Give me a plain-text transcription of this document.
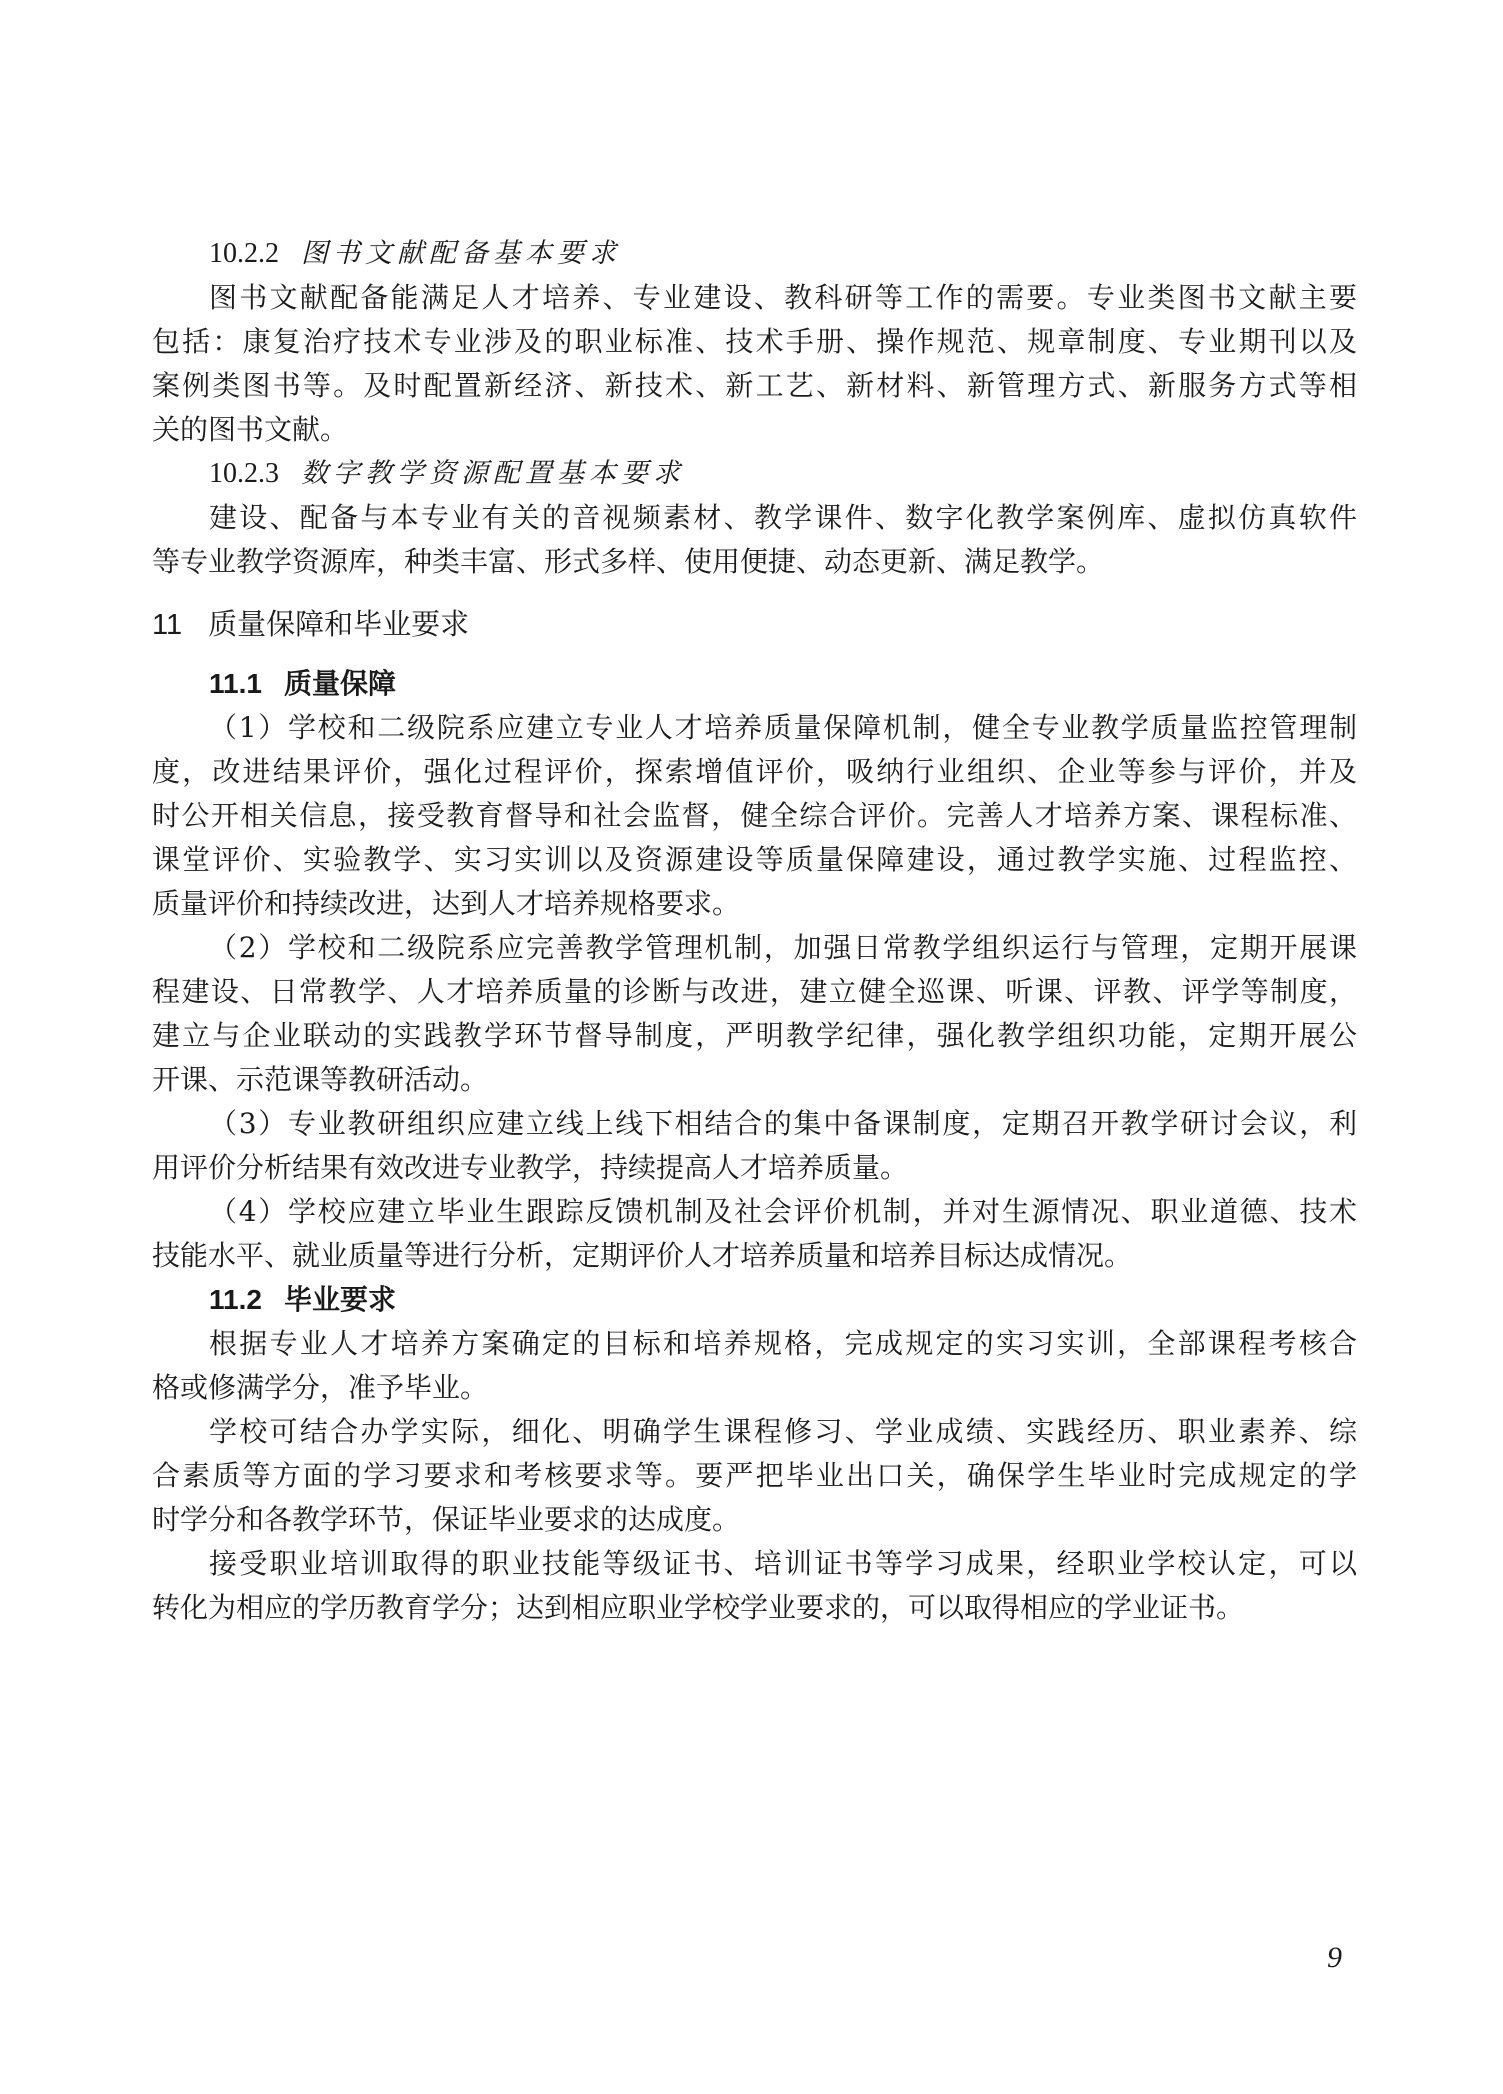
10.2.2 图书文献配备基本要求
图书文献配备能满足人才培养、专业建设、教科研等工作的需要。专业类图书文献主要
包括：康复治疗技术专业涉及的职业标准、技术手册、操作规范、规章制度、专业期刊以及
案例类图书等。及时配置新经济、新技术、新工艺、新材料、新管理方式、新服务方式等相
关的图书文献。
10.2.3 数字教学资源配置基本要求
建设、配备与本专业有关的音视频素材、教学课件、数字化教学案例库、虚拟仿真软件
等专业教学资源库，种类丰富、形式多样、使用便捷、动态更新、满足教学。
11 质量保障和毕业要求
11.1 质量保障
（1）学校和二级院系应建立专业人才培养质量保障机制，健全专业教学质量监控管理制
度，改进结果评价，强化过程评价，探索增值评价，吸纳行业组织、企业等参与评价，并及
时公开相关信息，接受教育督导和社会监督，健全综合评价。完善人才培养方案、课程标准、
课堂评价、实验教学、实习实训以及资源建设等质量保障建设，通过教学实施、过程监控、
质量评价和持续改进，达到人才培养规格要求。
（2）学校和二级院系应完善教学管理机制，加强日常教学组织运行与管理，定期开展课
程建设、日常教学、人才培养质量的诊断与改进，建立健全巡课、听课、评教、评学等制度，
建立与企业联动的实践教学环节督导制度，严明教学纪律，强化教学组织功能，定期开展公
开课、示范课等教研活动。
（3）专业教研组织应建立线上线下相结合的集中备课制度，定期召开教学研讨会议，利
用评价分析结果有效改进专业教学，持续提高人才培养质量。
（4）学校应建立毕业生跟踪反馈机制及社会评价机制，并对生源情况、职业道德、技术
技能水平、就业质量等进行分析，定期评价人才培养质量和培养目标达成情况。
11.2 毕业要求
根据专业人才培养方案确定的目标和培养规格，完成规定的实习实训，全部课程考核合
格或修满学分，准予毕业。
学校可结合办学实际，细化、明确学生课程修习、学业成绩、实践经历、职业素养、综
合素质等方面的学习要求和考核要求等。要严把毕业出口关，确保学生毕业时完成规定的学
时学分和各教学环节，保证毕业要求的达成度。
接受职业培训取得的职业技能等级证书、培训证书等学习成果，经职业学校认定，可以
转化为相应的学历教育学分；达到相应职业学校学业要求的，可以取得相应的学业证书。
9
